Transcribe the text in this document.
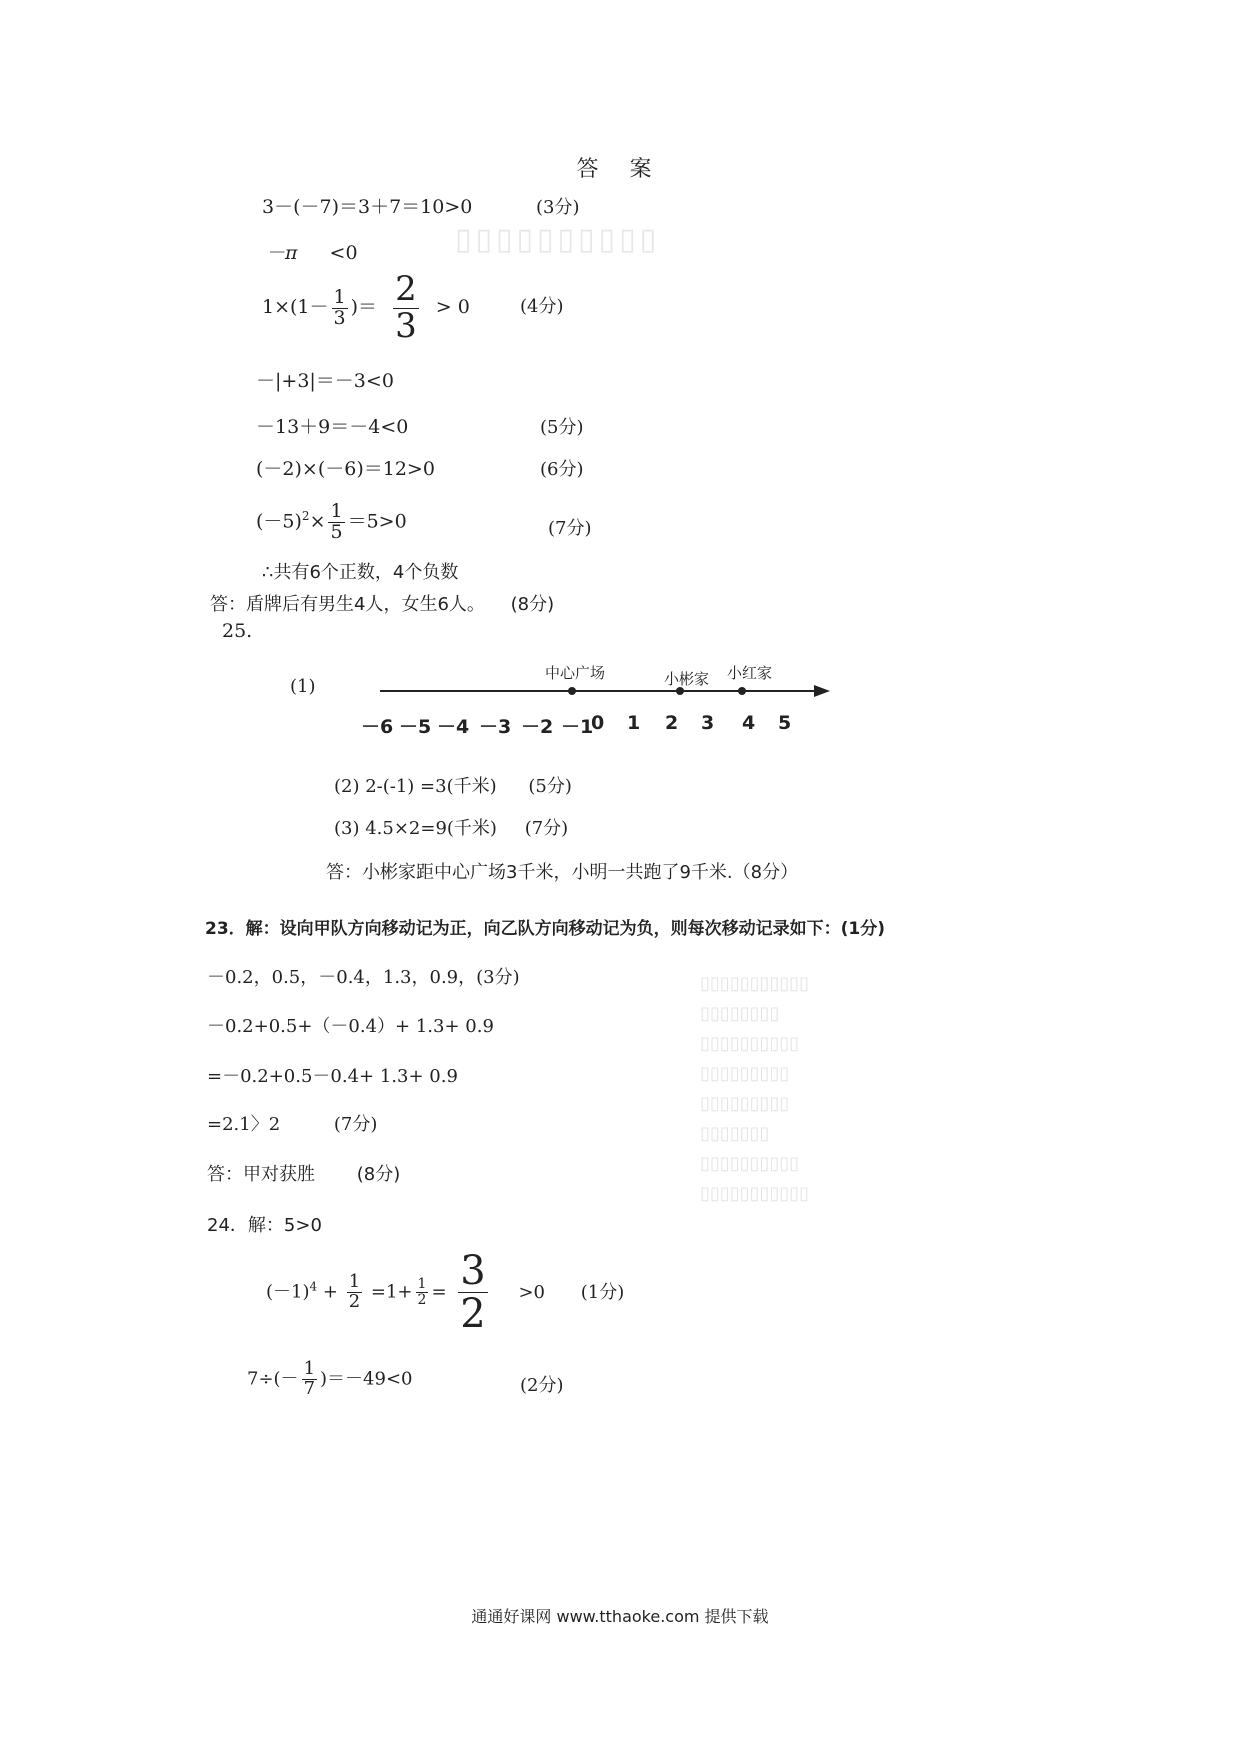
▯▯▯▯▯▯▯▯▯▯
▯▯▯▯▯▯▯▯▯▯▯
▯▯▯▯▯▯▯▯
▯▯▯▯▯▯▯▯▯▯
▯▯▯▯▯▯▯▯▯
▯▯▯▯▯▯▯▯▯
▯▯▯▯▯▯▯
▯▯▯▯▯▯▯▯▯▯
▯▯▯▯▯▯▯▯▯▯▯
答 案
3－(－7)＝3＋7＝10>0	(3分)
－π <0
$1\times(1- \frac{1}{3}$ )＝ $\frac{2}{3} > 0$	(4分)
－|+3|＝－3<0
－13＋9＝－4<0	(5分)
(－2)×(－6)＝12>0	(6分)
$(-5)^2\times \frac{1}{5} =5>0$	(7分)
∴共有6个正数，4个负数
答：盾牌后有男生4人，女生6人。 (8分)
25.
(1)
－6 －5 －4 －3 －2 －1
0 1 2 3 4 5
中心广场	小彬家 小红家
(2) 2-(-1) =3(千米) (5分)
(3) 4.5×2=9(千米) (7分)
答：小彬家距中心广场3千米，小明一共跑了9千米.（8分）
23．解：设向甲队方向移动记为正，向乙队方向移动记为负，则每次移动记录如下：(1分)
－0.2，0.5，－0.4，1.3，0.9，(3分)
－0.2+0.5+（－0.4）+ 1.3+ 0.9
=－0.2+0.5－0.4+ 1.3+ 0.9
=2.1〉2	(7分)
答：甲对获胜 (8分)
24．解：5>0
$(-1)^4 + \frac{1}{2} =1+ \frac{1}{2} = \frac{3}{2} >0$ (1分)
$7\div(- \frac{1}{7} )=-49<0$	(2分)
通通好课网 www.tthaoke.com 提供下载
